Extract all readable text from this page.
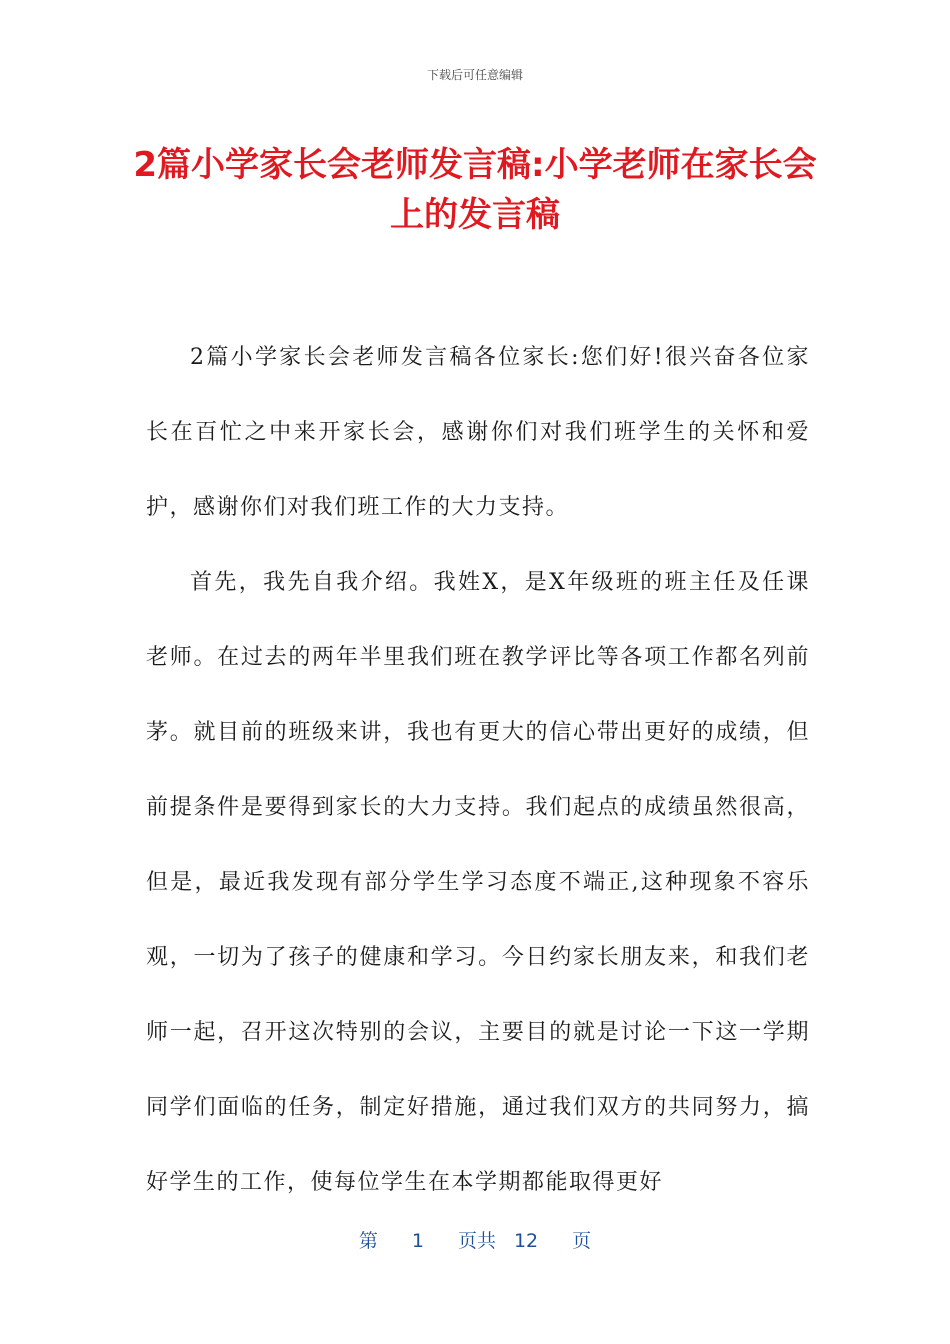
下载后可任意编辑
2篇小学家长会老师发言稿:小学老师在家长会上的发言稿

2篇小学家长会老师发言稿各位家长:您们好!很兴奋各位家长在百忙之中来开家长会，感谢你们对我们班学生的关怀和爱护，感谢你们对我们班工作的大力支持。

首先，我先自我介绍。我姓X，是X年级班的班主任及任课老师。在过去的两年半里我们班在教学评比等各项工作都名列前茅。就目前的班级来讲，我也有更大的信心带出更好的成绩，但前提条件是要得到家长的大力支持。我们起点的成绩虽然很高，但是，最近我发现有部分学生学习态度不端正,这种现象不容乐观，一切为了孩子的健康和学习。今日约家长朋友来，和我们老师一起，召开这次特别的会议，主要目的就是讨论一下这一学期同学们面临的任务，制定好措施，通过我们双方的共同努力，搞好学生的工作，使每位学生在本学期都能取得更好

第 1 页共 12 页
